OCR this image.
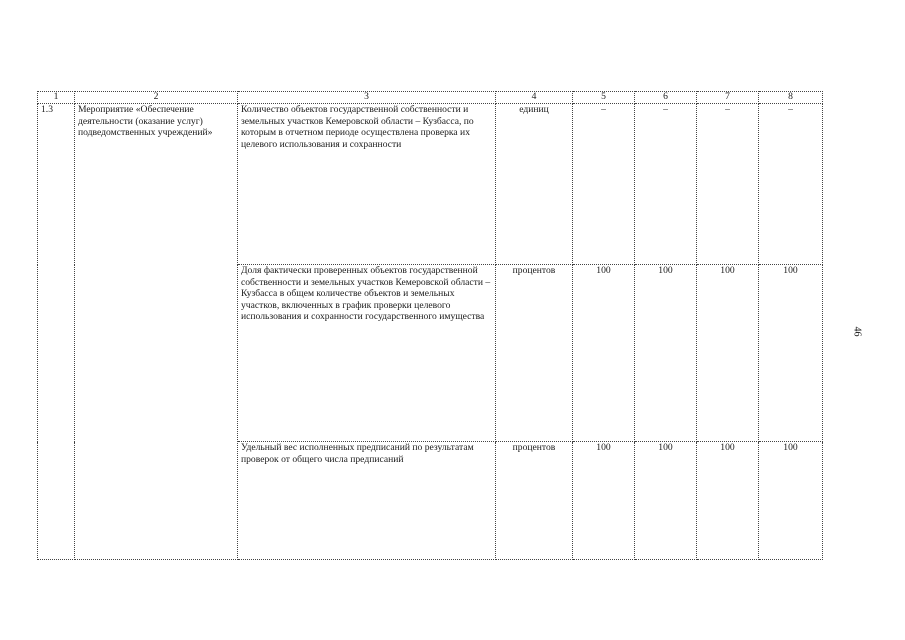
1	2	3	4	5	6	7	8
1.3	Мероприятие «Обеспечение деятельности (оказание услуг) подведомственных учреждений»	Количество объектов государственной собственности и земельных участков Кемеровской области – Кузбасса, по которым в отчетном периоде осуществлена проверка их целевого использования и сохранности	единиц	–	–	–	–
		Доля фактически проверенных объектов государственной собственности и земельных участков Кемеровской области – Кузбасса в общем количестве объектов и земельных участков, включенных в график проверки целевого использования и сохранности государственного имущества	процентов	100	100	100	100
		Удельный вес исполненных предписаний по результатам проверок от общего числа предписаний	процентов	100	100	100	100
46
